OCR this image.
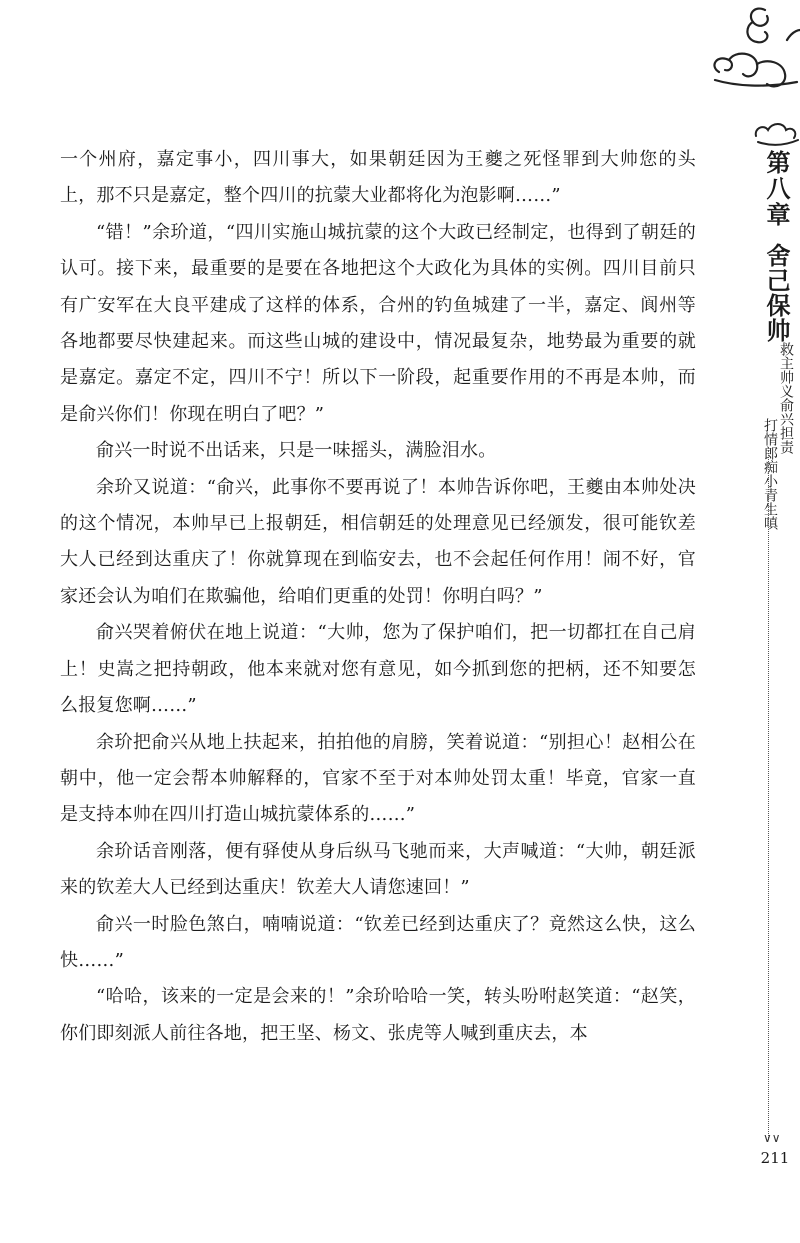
一个州府，嘉定事小，四川事大，如果朝廷因为王夔之死怪罪到大帅您的头上，那不只是嘉定，整个四川的抗蒙大业都将化为泡影啊……”

“错！”余玠道，“四川实施山城抗蒙的这个大政已经制定，也得到了朝廷的认可。接下来，最重要的是要在各地把这个大政化为具体的实例。四川目前只有广安军在大良平建成了这样的体系，合州的钓鱼城建了一半，嘉定、阆州等各地都要尽快建起来。而这些山城的建设中，情况最复杂，地势最为重要的就是嘉定。嘉定不定，四川不宁！所以下一阶段，起重要作用的不再是本帅，而是俞兴你们！你现在明白了吧？”

俞兴一时说不出话来，只是一味摇头，满脸泪水。

余玠又说道：“俞兴，此事你不要再说了！本帅告诉你吧，王夔由本帅处决的这个情况，本帅早已上报朝廷，相信朝廷的处理意见已经颁发，很可能钦差大人已经到达重庆了！你就算现在到临安去，也不会起任何作用！闹不好，官家还会认为咱们在欺骗他，给咱们更重的处罚！你明白吗？”

俞兴哭着俯伏在地上说道：“大帅，您为了保护咱们，把一切都扛在自己肩上！史嵩之把持朝政，他本来就对您有意见，如今抓到您的把柄，还不知要怎么报复您啊……”

余玠把俞兴从地上扶起来，拍拍他的肩膀，笑着说道：“别担心！赵相公在朝中，他一定会帮本帅解释的，官家不至于对本帅处罚太重！毕竟，官家一直是支持本帅在四川打造山城抗蒙体系的……”

余玠话音刚落，便有驿使从身后纵马飞驰而来，大声喊道：“大帅，朝廷派来的钦差大人已经到达重庆！钦差大人请您速回！”

俞兴一时脸色煞白，喃喃说道：“钦差已经到达重庆了？竟然这么快，这么快……”

“哈哈，该来的一定是会来的！”余玠哈哈一笑，转头吩咐赵笑道：“赵笑，你们即刻派人前往各地，把王坚、杨文、张虎等人喊到重庆去，本

第八章
舍己保帅
救主帅义俞兴担责
打情郎痴小青生嗔
∨∨
211
